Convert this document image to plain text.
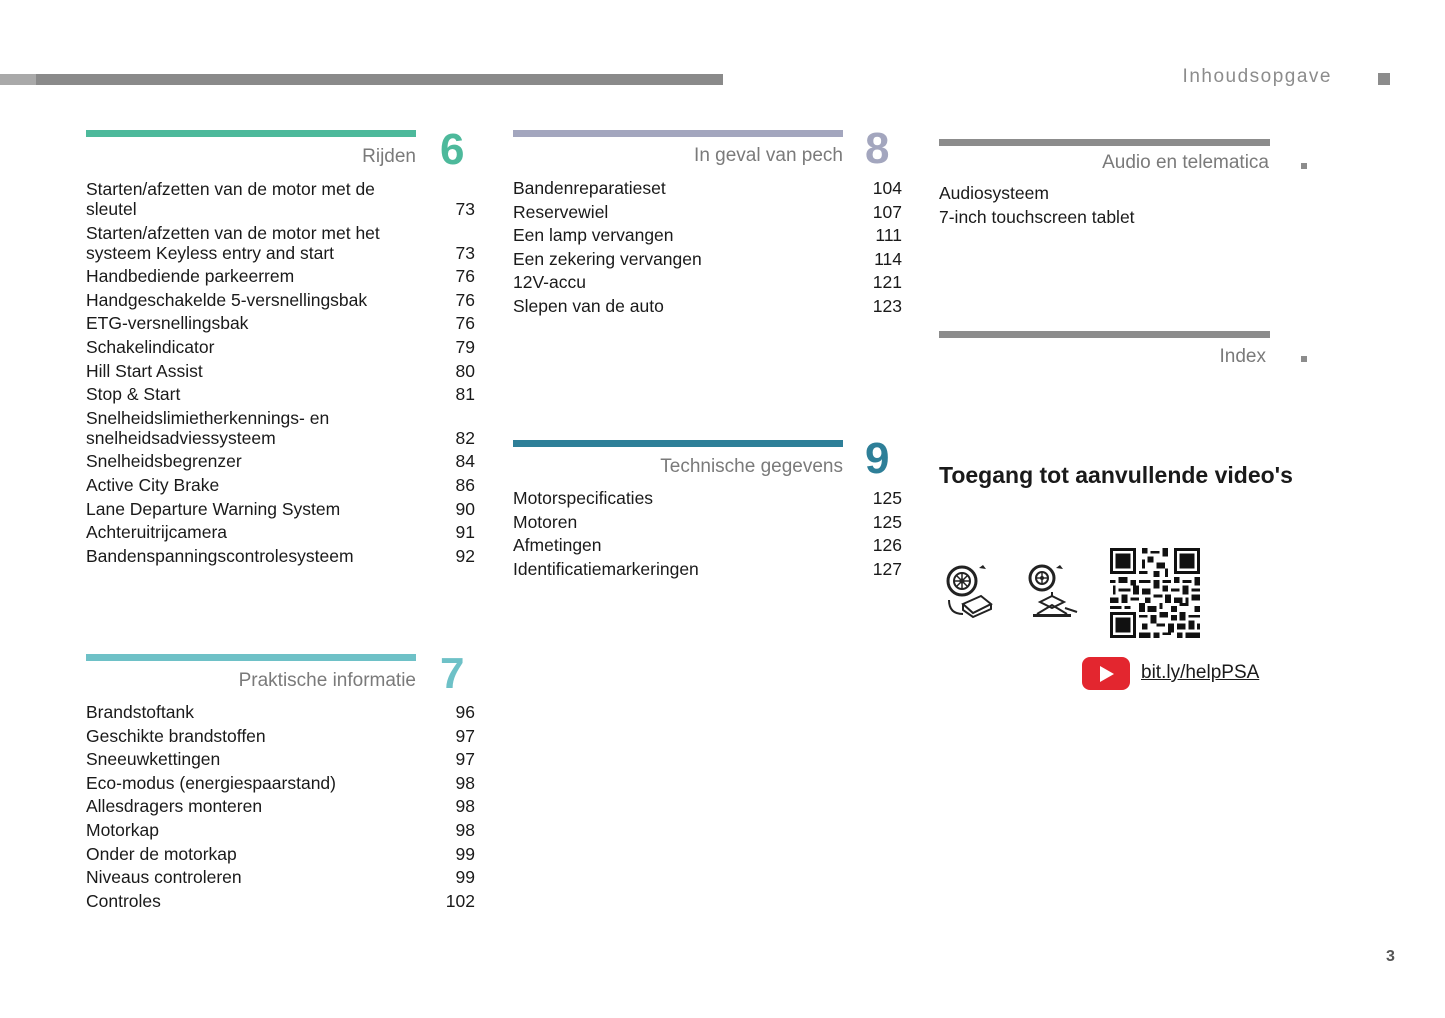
Inhoudsopgave
Rijden 6
Starten/afzetten van de motor met de sleutel	73
Starten/afzetten van de motor met het systeem Keyless entry and start	73
Handbediende parkeerrem	76
Handgeschakelde 5-versnellingsbak	76
ETG-versnellingsbak	76
Schakelindicator	79
Hill Start Assist	80
Stop & Start	81
Snelheidslimietherkennings- en snelheidsadviessysteem	82
Snelheidsbegrenzer	84
Active City Brake	86
Lane Departure Warning System	90
Achteruitrijcamera	91
Bandenspanningscontrolesysteem	92
Praktische informatie 7
Brandstoftank	96
Geschikte brandstoffen	97
Sneeuwkettingen	97
Eco-modus (energiespaarstand)	98
Allesdragers monteren	98
Motorkap	98
Onder de motorkap	99
Niveaus controleren	99
Controles	102
In geval van pech 8
Bandenreparatieset	104
Reservewiel	107
Een lamp vervangen	111
Een zekering vervangen	114
12V-accu	121
Slepen van de auto	123
Technische gegevens 9
Motorspecificaties	125
Motoren	125
Afmetingen	126
Identificatiemarkeringen	127
Audio en telematica
Audiosysteem
7-inch touchscreen tablet
Index
Toegang tot aanvullende video's
bit.ly/helpPSA
3
